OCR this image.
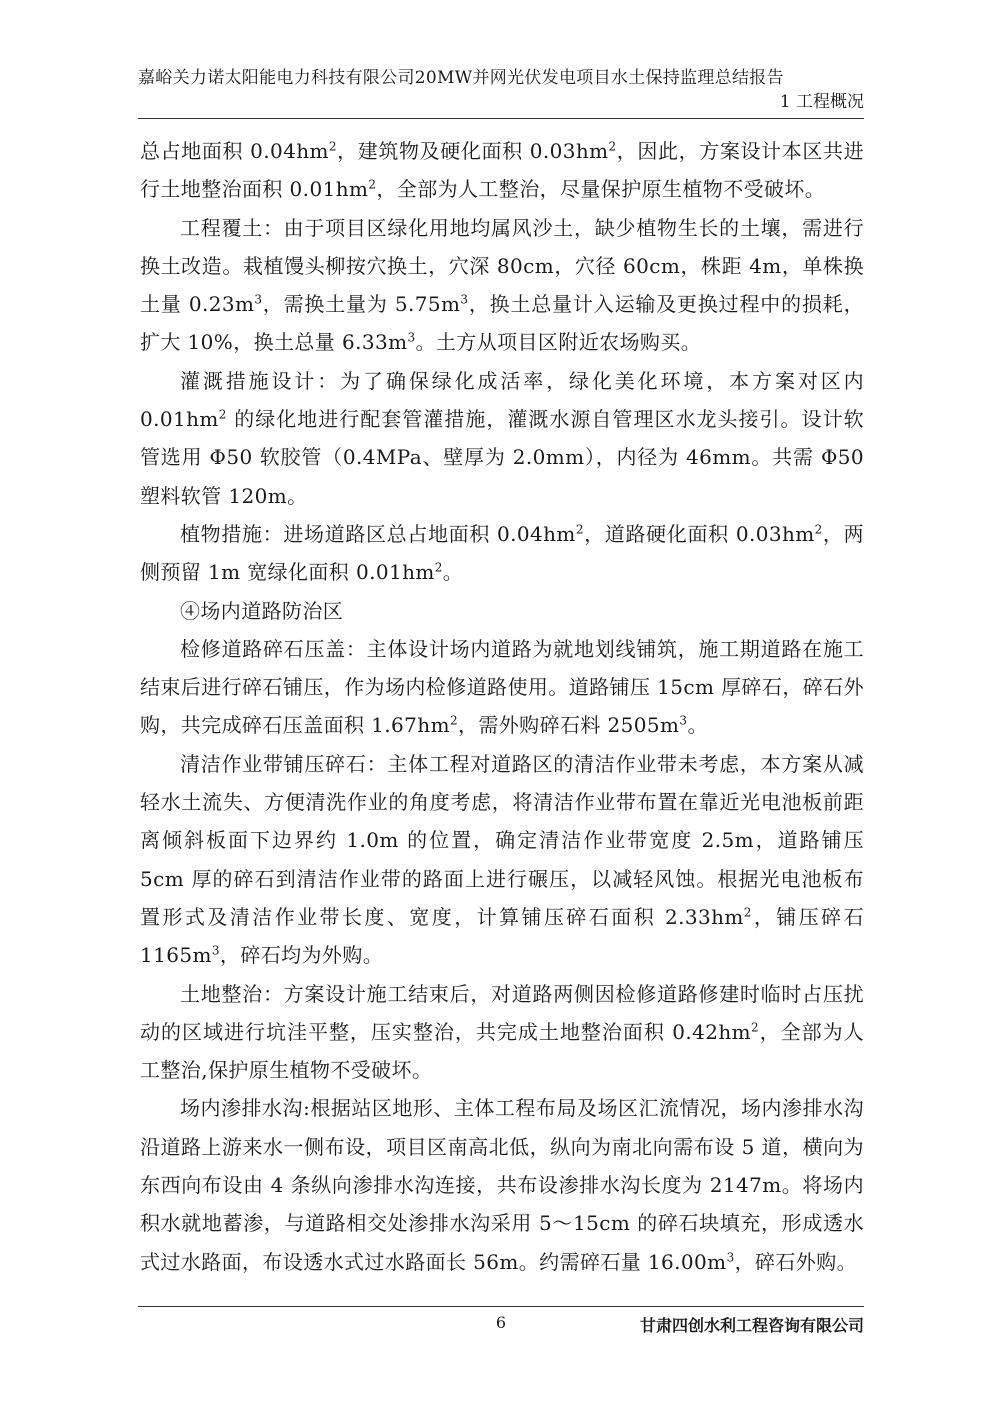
嘉峪关力诺太阳能电力科技有限公司20MW并网光伏发电项目水土保持监理总结报告
1 工程概况

总占地面积 $0.04hm^2$，建筑物及硬化面积 $0.03hm^2$，因此，方案设计本区共进行土地整治面积 $0.01hm^2$，全部为人工整治，尽量保护原生植物不受破坏。

工程覆土：由于项目区绿化用地均属风沙土，缺少植物生长的土壤，需进行换土改造。栽植馒头柳按穴换土，穴深 80cm，穴径 60cm，株距 4m，单株换土量 $0.23m^3$，需换土量为 $5.75m^3$，换土总量计入运输及更换过程中的损耗，扩大 10%，换土总量 $6.33m^3$。土方从项目区附近农场购买。

灌溉措施设计：为了确保绿化成活率，绿化美化环境，本方案对区内 $0.01hm^2$ 的绿化地进行配套管灌措施，灌溉水源自管理区水龙头接引。设计软管选用 Φ50 软胶管（0.4MPa、壁厚为 2.0mm），内径为 46mm。共需 Φ50 塑料软管 120m。

植物措施：进场道路区总占地面积 $0.04hm^2$，道路硬化面积 $0.03hm^2$，两侧预留 1m 宽绿化面积 $0.01hm^2$。

④场内道路防治区

检修道路碎石压盖：主体设计场内道路为就地划线铺筑，施工期道路在施工结束后进行碎石铺压，作为场内检修道路使用。道路铺压 15cm 厚碎石，碎石外购，共完成碎石压盖面积 $1.67hm^2$，需外购碎石料 $2505m^3$。

清洁作业带铺压碎石：主体工程对道路区的清洁作业带未考虑，本方案从减轻水土流失、方便清洗作业的角度考虑，将清洁作业带布置在靠近光电池板前距离倾斜板面下边界约 1.0m 的位置，确定清洁作业带宽度 2.5m，道路铺压 5cm 厚的碎石到清洁作业带的路面上进行碾压，以减轻风蚀。根据光电池板布置形式及清洁作业带长度、宽度，计算铺压碎石面积 $2.33hm^2$，铺压碎石 $1165m^3$，碎石均为外购。

土地整治：方案设计施工结束后，对道路两侧因检修道路修建时临时占压扰动的区域进行坑洼平整，压实整治，共完成土地整治面积 $0.42hm^2$，全部为人工整治,保护原生植物不受破坏。

场内渗排水沟:根据站区地形、主体工程布局及场区汇流情况，场内渗排水沟沿道路上游来水一侧布设，项目区南高北低，纵向为南北向需布设 5 道，横向为东西向布设由 4 条纵向渗排水沟连接，共布设渗排水沟长度为 2147m。将场内积水就地蓄渗，与道路相交处渗排水沟采用 5～15cm 的碎石块填充，形成透水式过水路面，布设透水式过水路面长 56m。约需碎石量 $16.00m^3$，碎石外购。

6	甘肃四创水利工程咨询有限公司
